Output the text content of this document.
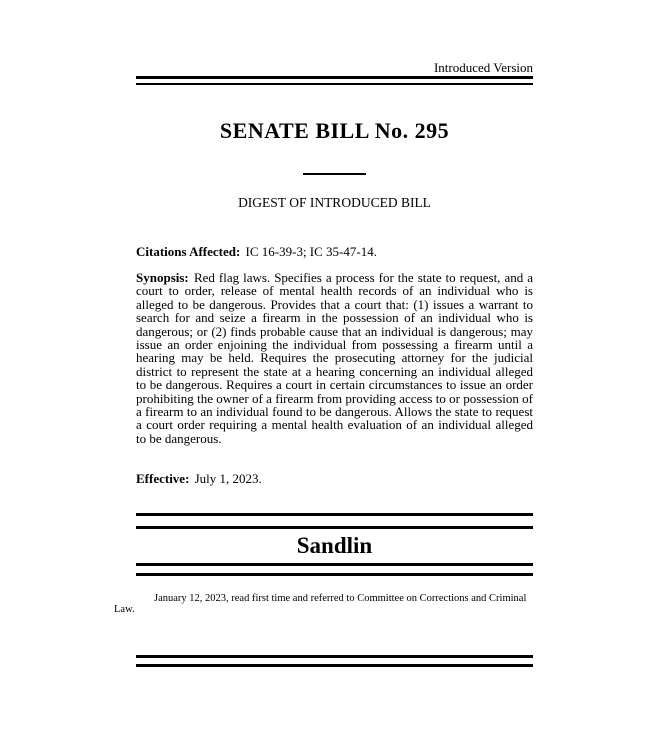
Introduced Version
SENATE BILL No. 295
DIGEST OF INTRODUCED BILL

Citations Affected: IC 16-39-3; IC 35-47-14.

Synopsis: Red flag laws. Specifies a process for the state to request, and a court to order, release of mental health records of an individual who is alleged to be dangerous. Provides that a court that: (1) issues a warrant to search for and seize a firearm in the possession of an individual who is dangerous; or (2) finds probable cause that an individual is dangerous; may issue an order enjoining the individual from possessing a firearm until a hearing may be held. Requires the prosecuting attorney for the judicial district to represent the state at a hearing concerning an individual alleged to be dangerous. Requires a court in certain circumstances to issue an order prohibiting the owner of a firearm from providing access to or possession of a firearm to an individual found to be dangerous. Allows the state to request a court order requiring a mental health evaluation of an individual alleged to be dangerous.

Effective: July 1, 2023.

Sandlin

January 12, 2023, read first time and referred to Committee on Corrections and Criminal Law.
